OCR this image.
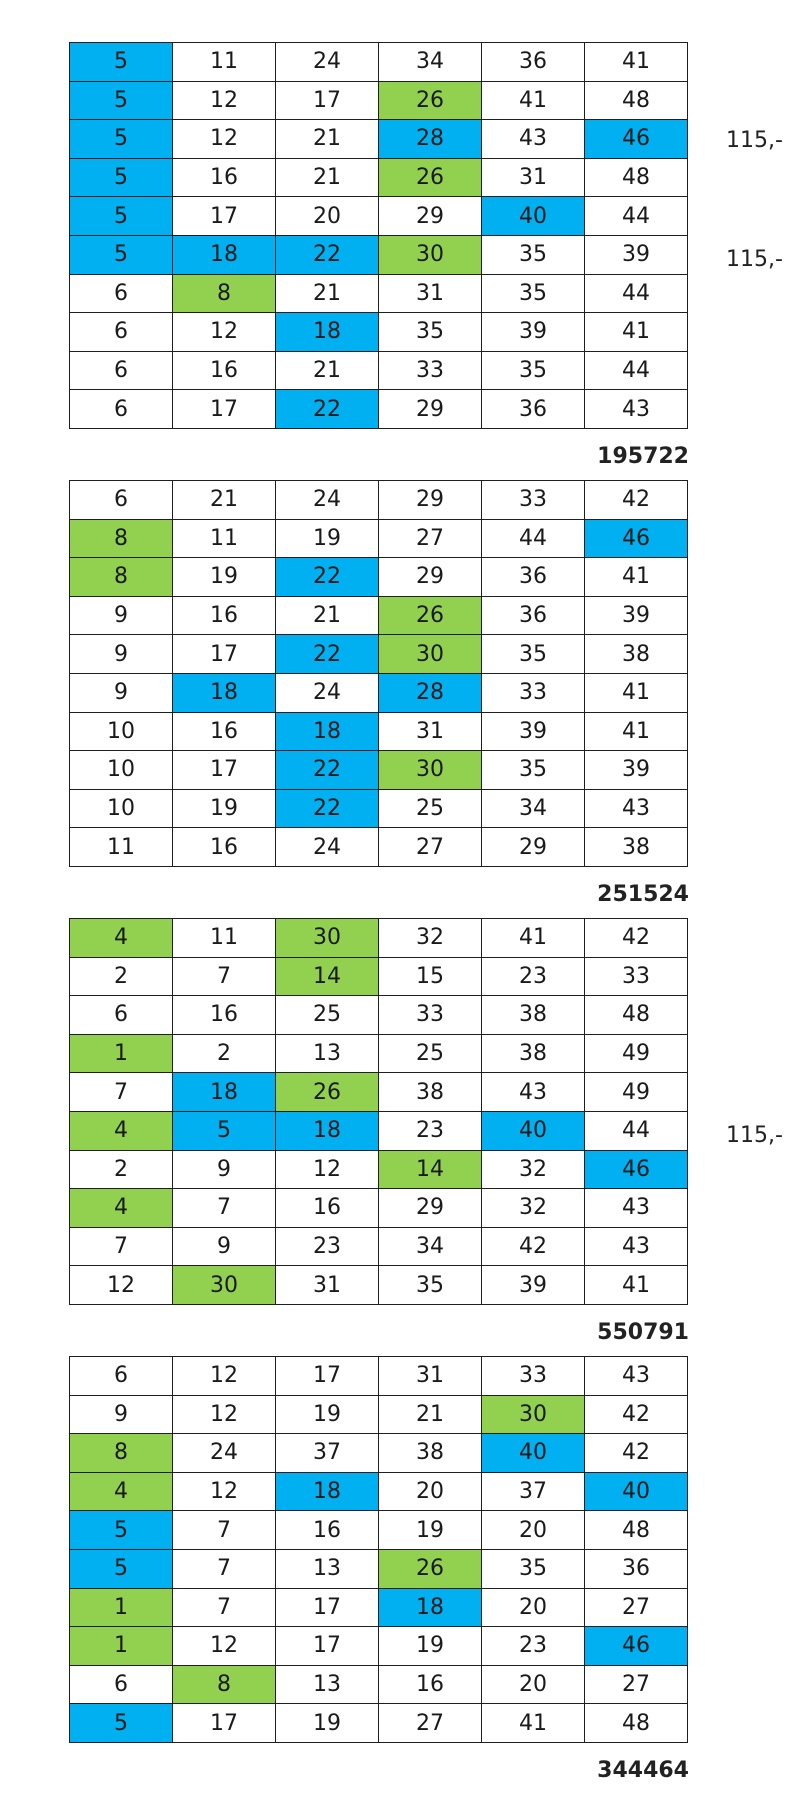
5	11	24	34	36	41
5	12	17	26	41	48
5	12	21	28	43	46
5	16	21	26	31	48
5	17	20	29	40	44
5	18	22	30	35	39
6	8	21	31	35	44
6	12	18	35	39	41
6	16	21	33	35	44
6	17	22	29	36	43
195722
115,-
115,-
6	21	24	29	33	42
8	11	19	27	44	46
8	19	22	29	36	41
9	16	21	26	36	39
9	17	22	30	35	38
9	18	24	28	33	41
10	16	18	31	39	41
10	17	22	30	35	39
10	19	22	25	34	43
11	16	24	27	29	38
251524
4	11	30	32	41	42
2	7	14	15	23	33
6	16	25	33	38	48
1	2	13	25	38	49
7	18	26	38	43	49
4	5	18	23	40	44
2	9	12	14	32	46
4	7	16	29	32	43
7	9	23	34	42	43
12	30	31	35	39	41
550791
115,-
6	12	17	31	33	43
9	12	19	21	30	42
8	24	37	38	40	42
4	12	18	20	37	40
5	7	16	19	20	48
5	7	13	26	35	36
1	7	17	18	20	27
1	12	17	19	23	46
6	8	13	16	20	27
5	17	19	27	41	48
344464
